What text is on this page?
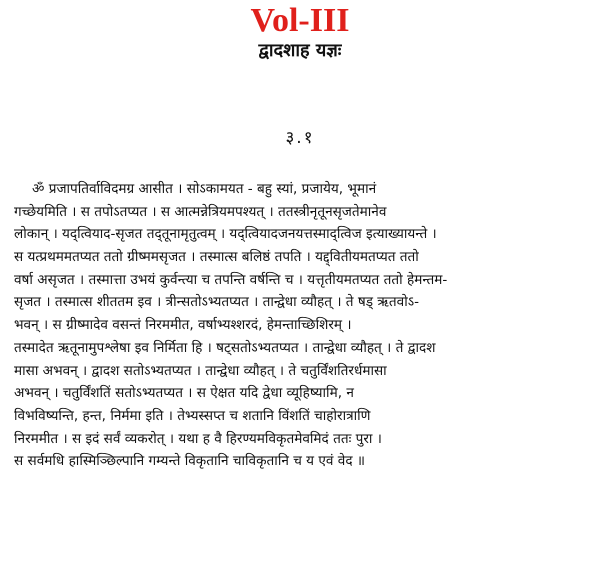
Vol-III
द्वादशाह यज्ञः
३.१
ॐ प्रजापतिर्वाविदमग्र आसीत । सोऽकामयत - बहु स्यां, प्रजायेय, भूमानं
गच्छेयमिति । स तपोऽतप्यत । स आत्मन्नेत्रियमपश्यत् । ततस्त्रीनृतूनसृजतेमानेव
लोकान् । यद्त्वियाद-सृजत तद्तूनामृतुत्वम् । यद्त्वियादजनयत्तस्माद्त्विज इत्याख्यायन्ते ।
स यत्प्रथममतप्यत ततो ग्रीष्ममसृजत । तस्मात्स बलिष्ठं तपति । यद्द्वितीयमतप्यत ततो
वर्षा असृजत । तस्मात्ता उभयं कुर्वन्त्या च तपन्ति वर्षन्ति च । यत्तृतीयमतप्यत ततो हेमन्तम-
सृजत । तस्मात्स शीततम इव । त्रीन्सतोऽभ्यतप्यत । तान्द्वेधा व्यौहत् । ते षड् ऋतवोऽ-
भवन् । स ग्रीष्मादेव वसन्तं निरममीत, वर्षाभ्यश्शरदं, हेमन्ताच्छिशिरम् ।
तस्मादेत ऋतूनामुपश्लेषा इव निर्मिता हि । षट्सतोऽभ्यतप्यत । तान्द्वेधा व्यौहत् । ते द्वादश
मासा अभवन् । द्वादश सतोऽभ्यतप्यत । तान्द्वेधा व्यौहत् । ते चतुर्विंशतिरर्धमासा
अभवन् । चतुर्विंशतिं सतोऽभ्यतप्यत । स ऐक्षत यदि द्वेधा व्यूहिष्यामि, न
विभविष्यन्ति, हन्त, निर्ममा इति । तेभ्यस्सप्त च शतानि विंशतिं चाहोरात्राणि
निरममीत । स इदं सर्वं व्यकरोत् । यथा ह वै हिरण्यमविकृतमेवमिदं ततः पुरा ।
स सर्वमधि हास्मिञ्छिल्पानि गम्यन्ते विकृतानि चाविकृतानि च य एवं वेद ॥
